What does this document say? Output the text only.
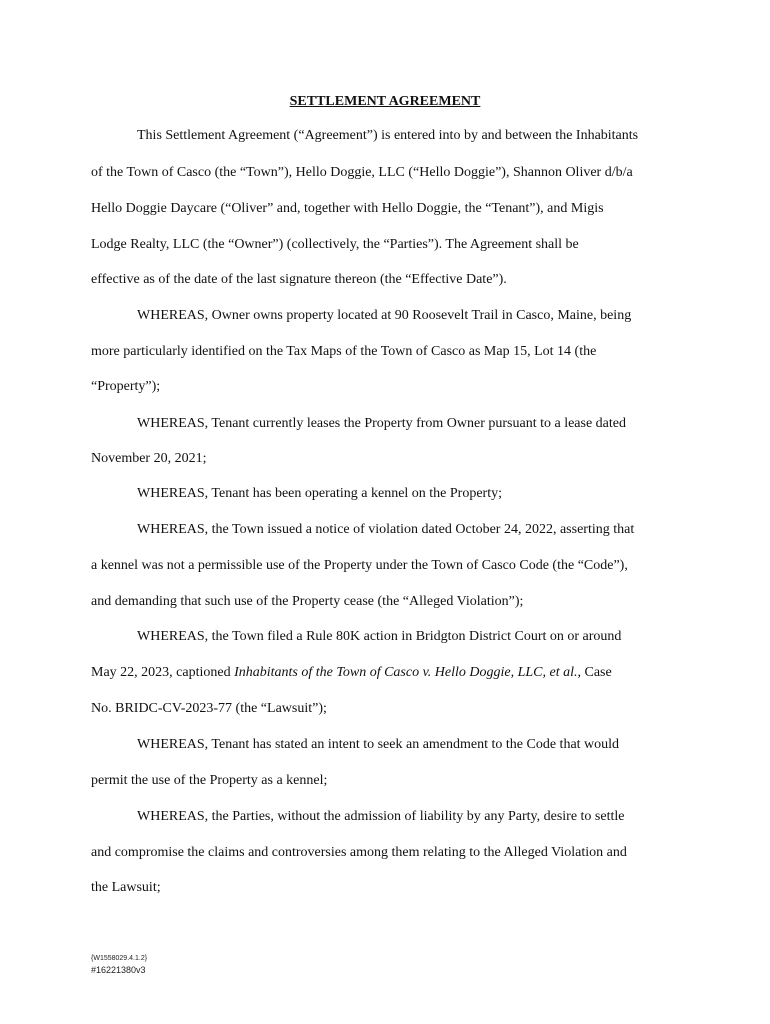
SETTLEMENT AGREEMENT

This Settlement Agreement (“Agreement”) is entered into by and between the Inhabitants

of the Town of Casco (the “Town”), Hello Doggie, LLC (“Hello Doggie”), Shannon Oliver d/b/a

Hello Doggie Daycare (“Oliver” and, together with Hello Doggie, the “Tenant”), and Migis

Lodge Realty, LLC (the “Owner”) (collectively, the “Parties”). The Agreement shall be

effective as of the date of the last signature thereon (the “Effective Date”).

WHEREAS, Owner owns property located at 90 Roosevelt Trail in Casco, Maine, being

more particularly identified on the Tax Maps of the Town of Casco as Map 15, Lot 14 (the

“Property”);

WHEREAS, Tenant currently leases the Property from Owner pursuant to a lease dated

November 20, 2021;

WHEREAS, Tenant has been operating a kennel on the Property;

WHEREAS, the Town issued a notice of violation dated October 24, 2022, asserting that

a kennel was not a permissible use of the Property under the Town of Casco Code (the “Code”),

and demanding that such use of the Property cease (the “Alleged Violation”);

WHEREAS, the Town filed a Rule 80K action in Bridgton District Court on or around

May 22, 2023, captioned Inhabitants of the Town of Casco v. Hello Doggie, LLC, et al., Case

No. BRIDC-CV-2023-77 (the “Lawsuit”);

WHEREAS, Tenant has stated an intent to seek an amendment to the Code that would

permit the use of the Property as a kennel;

WHEREAS, the Parties, without the admission of liability by any Party, desire to settle

and compromise the claims and controversies among them relating to the Alleged Violation and

the Lawsuit;

{W1558029.4.1.2}

#16221380v3
